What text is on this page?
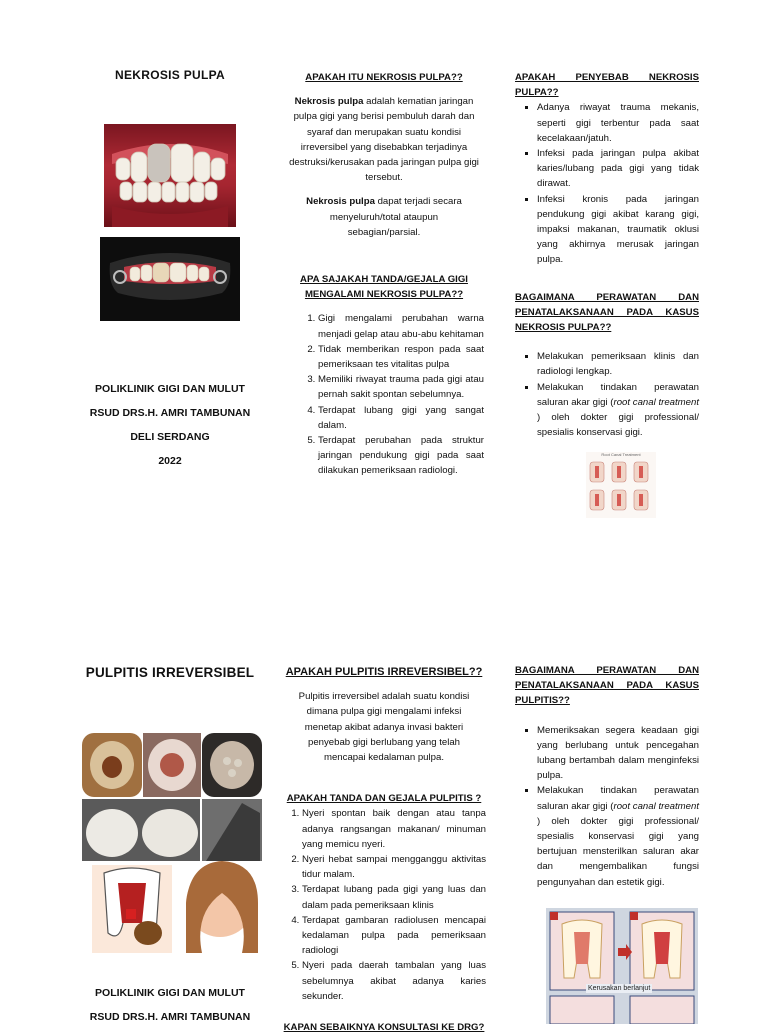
NEKROSIS PULPA
POLIKLINIK GIGI DAN MULUT
RSUD DRS.H. AMRI TAMBUNAN
DELI SERDANG
2022
APAKAH ITU NEKROSIS PULPA??

Nekrosis pulpa adalah kematian jaringan pulpa gigi yang berisi pembuluh darah dan syaraf dan merupakan suatu kondisi irreversibel yang disebabkan terjadinya destruksi/kerusakan pada jaringan pulpa gigi tersebut.

Nekrosis pulpa dapat terjadi secara menyeluruh/total ataupun sebagian/parsial.

APA SAJAKAH TANDA/GEJALA GIGI MENGALAMI NEKROSIS PULPA??
1. Gigi mengalami perubahan warna menjadi gelap atau abu-abu kehitaman
2. Tidak memberikan respon pada saat pemeriksaan tes vitalitas pulpa
3. Memiliki riwayat trauma pada gigi atau pernah sakit spontan sebelumnya.
4. Terdapat lubang gigi yang sangat dalam.
5. Terdapat perubahan pada struktur jaringan pendukung gigi pada saat dilakukan pemeriksaan radiologi.
APAKAH PENYEBAB NEKROSIS PULPA??
▪ Adanya riwayat trauma mekanis, seperti gigi terbentur pada saat kecelakaan/jatuh.
▪ Infeksi pada jaringan pulpa akibat karies/lubang pada gigi yang tidak dirawat.
▪ Infeksi kronis pada jaringan pendukung gigi akibat karang gigi, impaksi makanan, traumatik oklusi yang akhirnya merusak jaringan pulpa.
BAGAIMANA PERAWATAN DAN PENATALAKSANAAN PADA KASUS NEKROSIS PULPA??
▪ Melakukan pemeriksaan klinis dan radiologi lengkap.
▪ Melakukan tindakan perawatan saluran akar gigi (root canal treatment ) oleh dokter gigi professional/ spesialis konservasi gigi.
Root Canal Treatment
PULPITIS IRREVERSIBEL
POLIKLINIK GIGI DAN MULUT
RSUD DRS.H. AMRI TAMBUNAN
APAKAH PULPITIS IRREVERSIBEL??

Pulpitis irreversibel adalah suatu kondisi dimana pulpa gigi mengalami infeksi menetap akibat adanya invasi bakteri penyebab gigi berlubang yang telah mencapai kedalaman pulpa.

APAKAH TANDA DAN GEJALA PULPITIS ?
1. Nyeri spontan baik dengan atau tanpa adanya rangsangan makanan/ minuman yang memicu nyeri.
2. Nyeri hebat sampai mengganggu aktivitas tidur malam.
3. Terdapat lubang pada gigi yang luas dan dalam pada pemeriksaan klinis
4. Terdapat gambaran radiolusen mencapai kedalaman pulpa pada pemeriksaan radiologi
5. Nyeri pada daerah tambalan yang luas sebelumnya akibat adanya karies sekunder.
KAPAN SEBAIKNYA KONSULTASI KE DRG?
BAGAIMANA PERAWATAN DAN PENATALAKSANAAN PADA KASUS PULPITIS??
▪ Memeriksakan segera keadaan gigi yang berlubang untuk pencegahan lubang bertambah dalam menginfeksi pulpa.
▪ Melakukan tindakan perawatan saluran akar gigi (root canal treatment ) oleh dokter gigi professional/ spesialis konservasi gigi yang bertujuan mensterilkan saluran akar dan mengembalikan fungsi pengunyahan dan estetik gigi.
Kerusakan berlanjut
